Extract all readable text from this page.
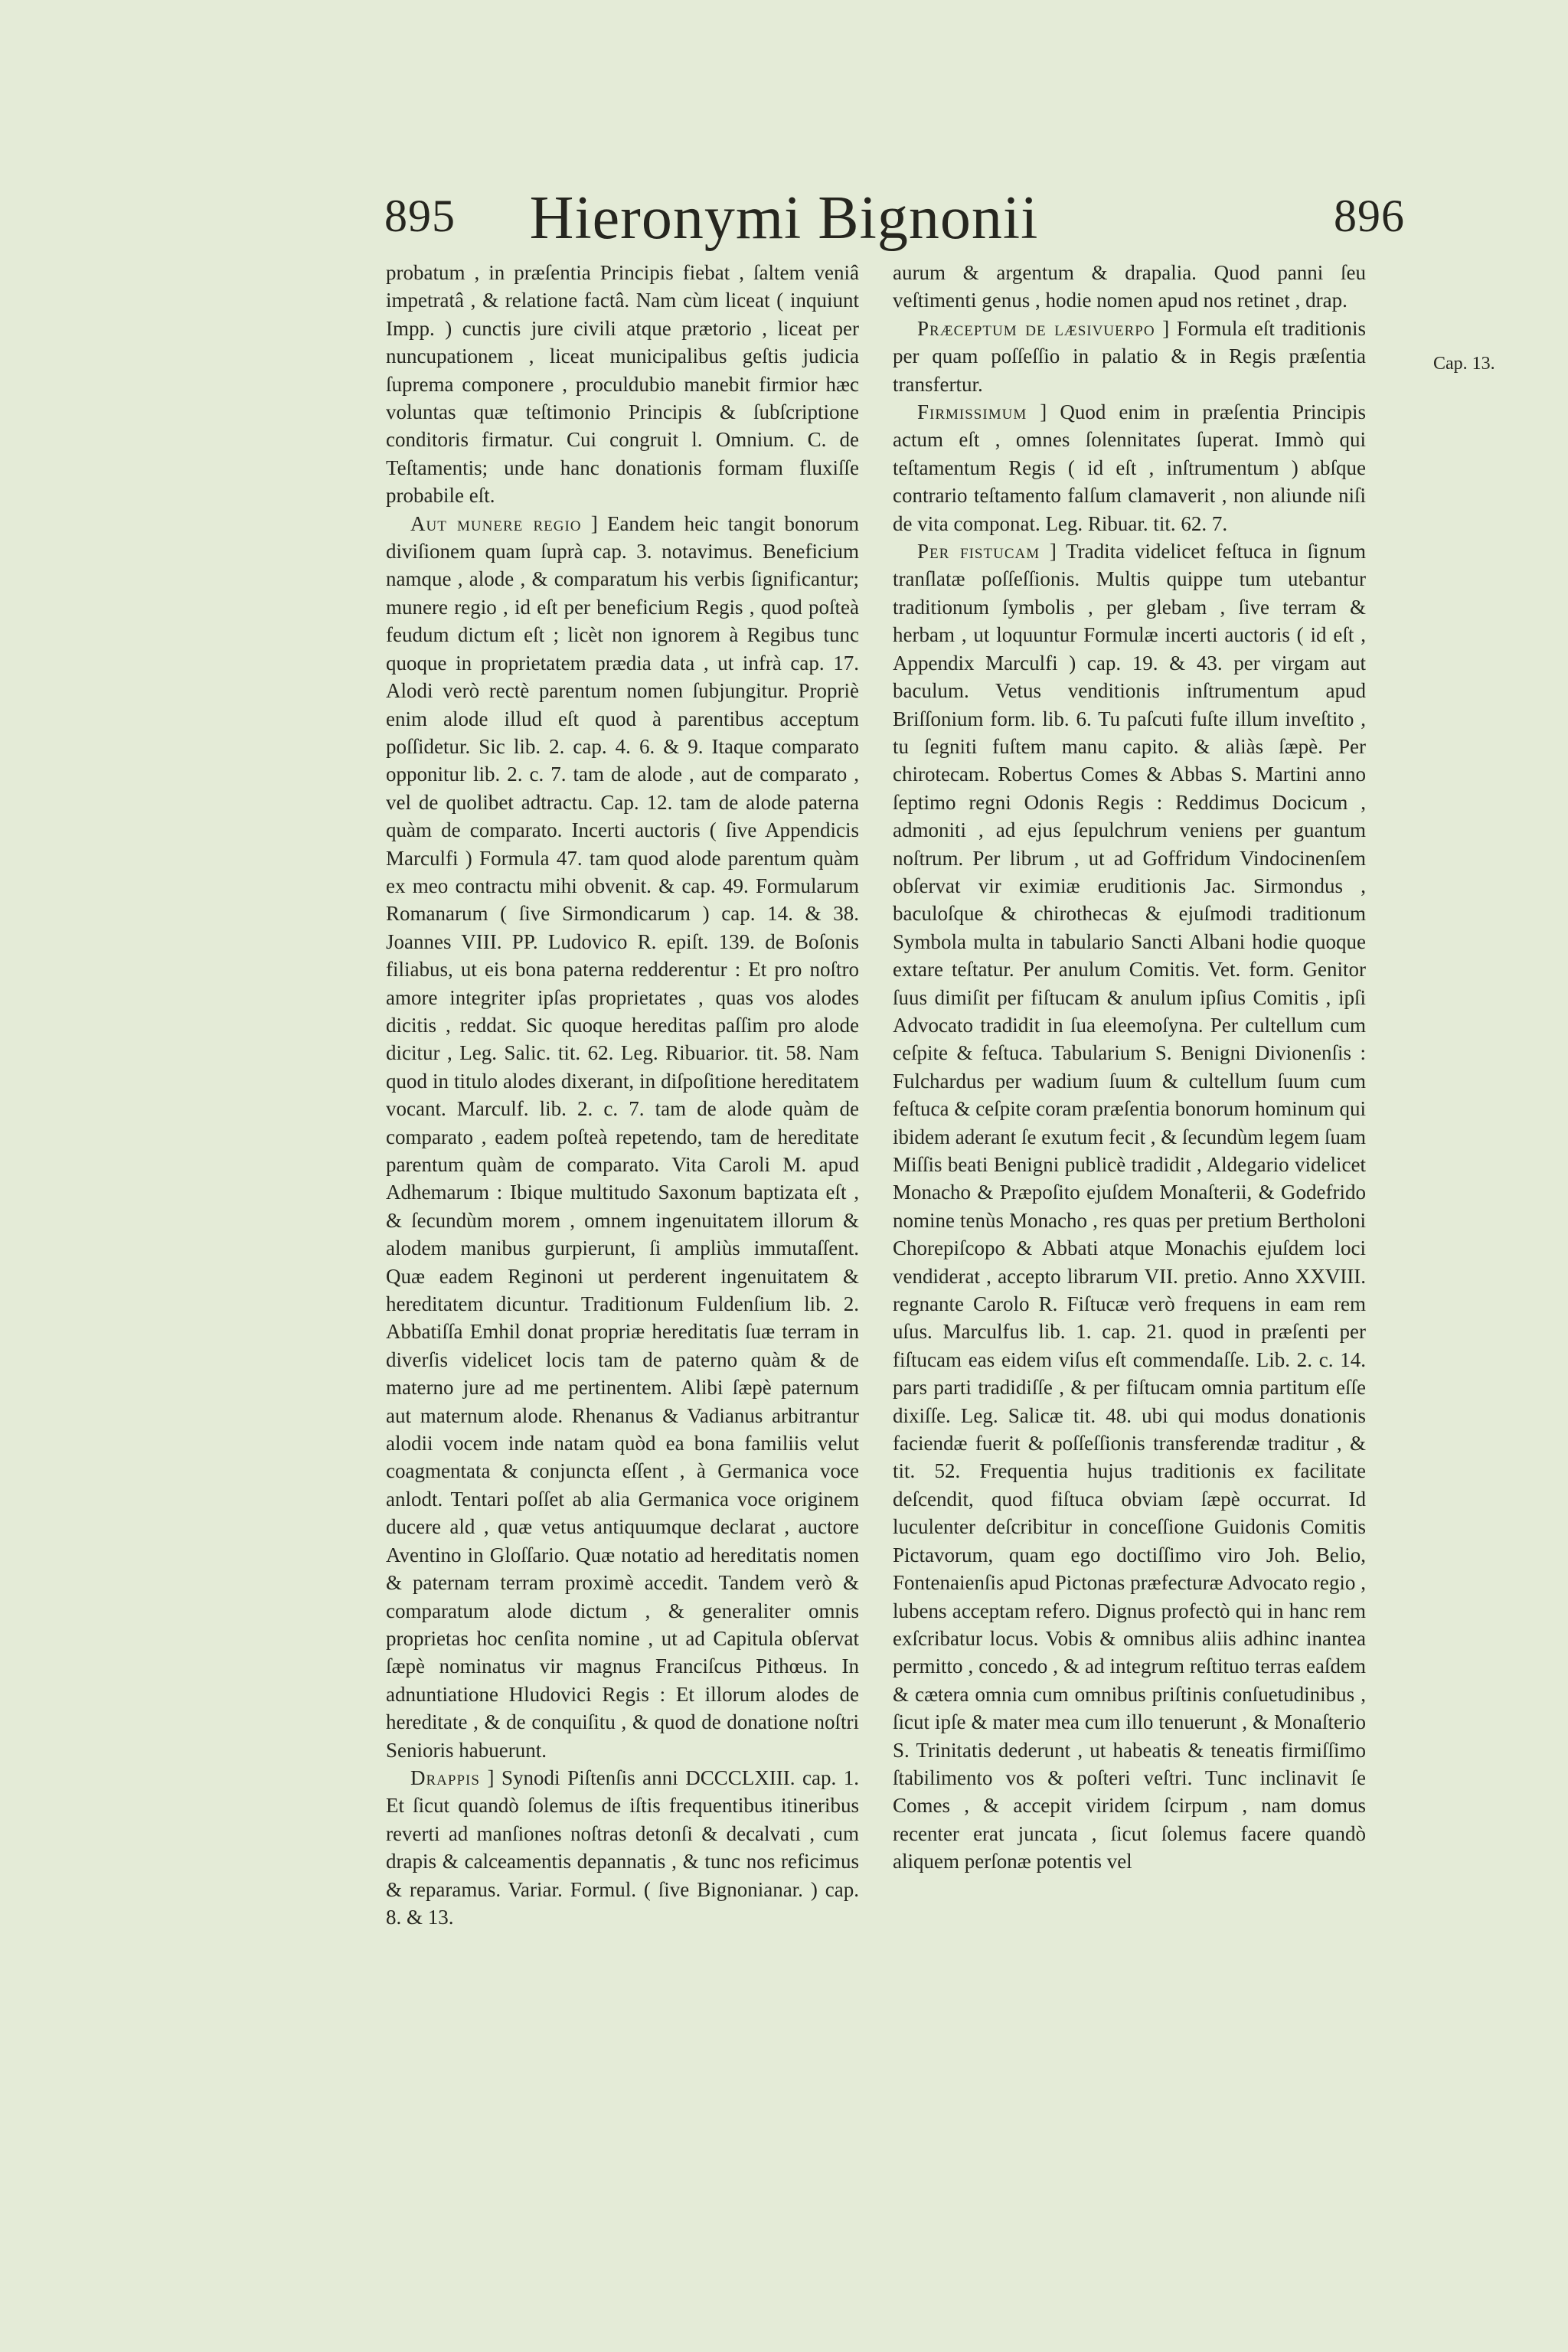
895	Hieronymi Bignonii	896

probatum , in præſentia Principis fiebat , ſaltem veniâ impetratâ , & relatione factâ. Nam cùm liceat ( inquiunt Impp. ) cunctis jure civili atque prætorio , liceat per nuncupationem , liceat municipalibus geſtis judicia ſuprema componere , proculdubio manebit firmior hæc voluntas quæ teſtimonio Principis & ſubſcriptione conditoris firmatur. Cui congruit l. Omnium. C. de Teſtamentis; unde hanc donationis formam fluxiſſe probabile eſt.

Aut munere regio ] Eandem heic tangit bonorum diviſionem quam ſuprà cap. 3. notavimus. Beneficium namque , alode , & comparatum his verbis ſignificantur; munere regio , id eſt per beneficium Regis , quod poſteà feudum dictum eſt ; licèt non ignorem à Regibus tunc quoque in proprietatem prædia data , ut infrà cap. 17. Alodi verò rectè parentum nomen ſubjungitur. Propriè enim alode illud eſt quod à parentibus acceptum poſſidetur. Sic lib. 2. cap. 4. 6. & 9. Itaque comparato opponitur lib. 2. c. 7. tam de alode , aut de comparato , vel de quolibet adtractu. Cap. 12. tam de alode paterna quàm de comparato. Incerti auctoris ( ſive Appendicis Marculfi ) Formula 47. tam quod alode parentum quàm ex meo contractu mihi obvenit. & cap. 49. Formularum Romanarum ( ſive Sirmondicarum ) cap. 14. & 38. Joannes VIII. PP. Ludovico R. epiſt. 139. de Boſonis filiabus, ut eis bona paterna redderentur : Et pro noſtro amore integriter ipſas proprietates , quas vos alodes dicitis , reddat. Sic quoque hereditas paſſim pro alode dicitur , Leg. Salic. tit. 62. Leg. Ribuarior. tit. 58. Nam quod in titulo alodes dixerant, in diſpoſitione hereditatem vocant. Marculf. lib. 2. c. 7. tam de alode quàm de comparato , eadem poſteà repetendo, tam de hereditate parentum quàm de comparato. Vita Caroli M. apud Adhemarum : Ibique multitudo Saxonum baptizata eſt , & ſecundùm morem , omnem ingenuitatem illorum & alodem manibus gurpierunt, ſi ampliùs immutaſſent. Quæ eadem Reginoni ut perderent ingenuitatem & hereditatem dicuntur. Traditionum Fuldenſium lib. 2. Abbatiſſa Emhil donat propriæ hereditatis ſuæ terram in diverſis videlicet locis tam de paterno quàm & de materno jure ad me pertinentem. Alibi ſæpè paternum aut maternum alode. Rhenanus & Vadianus arbitrantur alodii vocem inde natam quòd ea bona familiis velut coagmentata & conjuncta eſſent , à Germanica voce anlodt. Tentari poſſet ab alia Germanica voce originem ducere ald , quæ vetus antiquumque declarat , auctore Aventino in Gloſſario. Quæ notatio ad hereditatis nomen & paternam terram proximè accedit. Tandem verò & comparatum alode dictum , & generaliter omnis proprietas hoc cenſita nomine , ut ad Capitula obſervat ſæpè nominatus vir magnus Franciſcus Pithœus. In adnuntiatione Hludovici Regis : Et illorum alodes de hereditate , & de conquiſitu , & quod de donatione noſtri Senioris habuerunt.

Drappis ] Synodi Piſtenſis anni DCCCLXIII. cap. 1. Et ſicut quandò ſolemus de iſtis frequentibus itineribus reverti ad manſiones noſtras detonſi & decalvati , cum drapis & calceamentis depannatis , & tunc nos reficimus & reparamus. Variar. Formul. ( ſive Bignonianar. ) cap. 8. & 13.

aurum & argentum & drapalia. Quod panni ſeu veſtimenti genus , hodie nomen apud nos retinet , drap.

Præceptum de læsivuerpo ] Formula eſt traditionis per quam poſſeſſio in palatio & in Regis præſentia transfertur.

Firmissimum ] Quod enim in præſentia Principis actum eſt , omnes ſolennitates ſuperat. Immò qui teſtamentum Regis ( id eſt , inſtrumentum ) abſque contrario teſtamento falſum clamaverit , non aliunde niſi de vita componat. Leg. Ribuar. tit. 62. 7.

Per fistucam ] Tradita videlicet feſtuca in ſignum tranſlatæ poſſeſſionis. Multis quippe tum utebantur traditionum ſymbolis , per glebam , ſive terram & herbam , ut loquuntur Formulæ incerti auctoris ( id eſt , Appendix Marculfi ) cap. 19. & 43. per virgam aut baculum. Vetus venditionis inſtrumentum apud Briſſonium form. lib. 6. Tu paſcuti fuſte illum inveſtito , tu ſegniti fuſtem manu capito. & aliàs ſæpè. Per chirotecam. Robertus Comes & Abbas S. Martini anno ſeptimo regni Odonis Regis : Reddimus Docicum , admoniti , ad ejus ſepulchrum veniens per guantum noſtrum. Per librum , ut ad Goffridum Vindocinenſem obſervat vir eximiæ eruditionis Jac. Sirmondus , baculoſque & chirothecas & ejuſmodi traditionum Symbola multa in tabulario Sancti Albani hodie quoque extare teſtatur. Per anulum Comitis. Vet. form. Genitor ſuus dimiſit per fiſtucam & anulum ipſius Comitis , ipſi Advocato tradidit in ſua eleemoſyna. Per cultellum cum ceſpite & feſtuca. Tabularium S. Benigni Divionenſis : Fulchardus per wadium ſuum & cultellum ſuum cum feſtuca & ceſpite coram præſentia bonorum hominum qui ibidem aderant ſe exutum fecit , & ſecundùm legem ſuam Miſſis beati Benigni publicè tradidit , Aldegario videlicet Monacho & Præpoſito ejuſdem Monaſterii, & Godefrido nomine tenùs Monacho , res quas per pretium Bertholoni Chorepiſcopo & Abbati atque Monachis ejuſdem loci vendiderat , accepto librarum VII. pretio. Anno XXVIII. regnante Carolo R. Fiſtucæ verò frequens in eam rem uſus. Marculfus lib. 1. cap. 21. quod in præſenti per fiſtucam eas eidem viſus eſt commendaſſe. Lib. 2. c. 14. pars parti tradidiſſe , & per fiſtucam omnia partitum eſſe dixiſſe. Leg. Salicæ tit. 48. ubi qui modus donationis faciendæ fuerit & poſſeſſionis transferendæ traditur , & tit. 52. Frequentia hujus traditionis ex facilitate deſcendit, quod fiſtuca obviam ſæpè occurrat. Id luculenter deſcribitur in conceſſione Guidonis Comitis Pictavorum, quam ego doctiſſimo viro Joh. Belio, Fontenaienſis apud Pictonas præfecturæ Advocato regio , lubens acceptam refero. Dignus profectò qui in hanc rem exſcribatur locus. Vobis & omnibus aliis adhinc inantea permitto , concedo , & ad integrum reſtituo terras eaſdem & cætera omnia cum omnibus priſtinis conſuetudinibus , ſicut ipſe & mater mea cum illo tenuerunt , & Monaſterio S. Trinitatis dederunt , ut habeatis & teneatis firmiſſimo ſtabilimento vos & poſteri veſtri. Tunc inclinavit ſe Comes , & accepit viridem ſcirpum , nam domus recenter erat juncata , ſicut ſolemus facere quandò aliquem perſonæ potentis vel

Cap. 13.
